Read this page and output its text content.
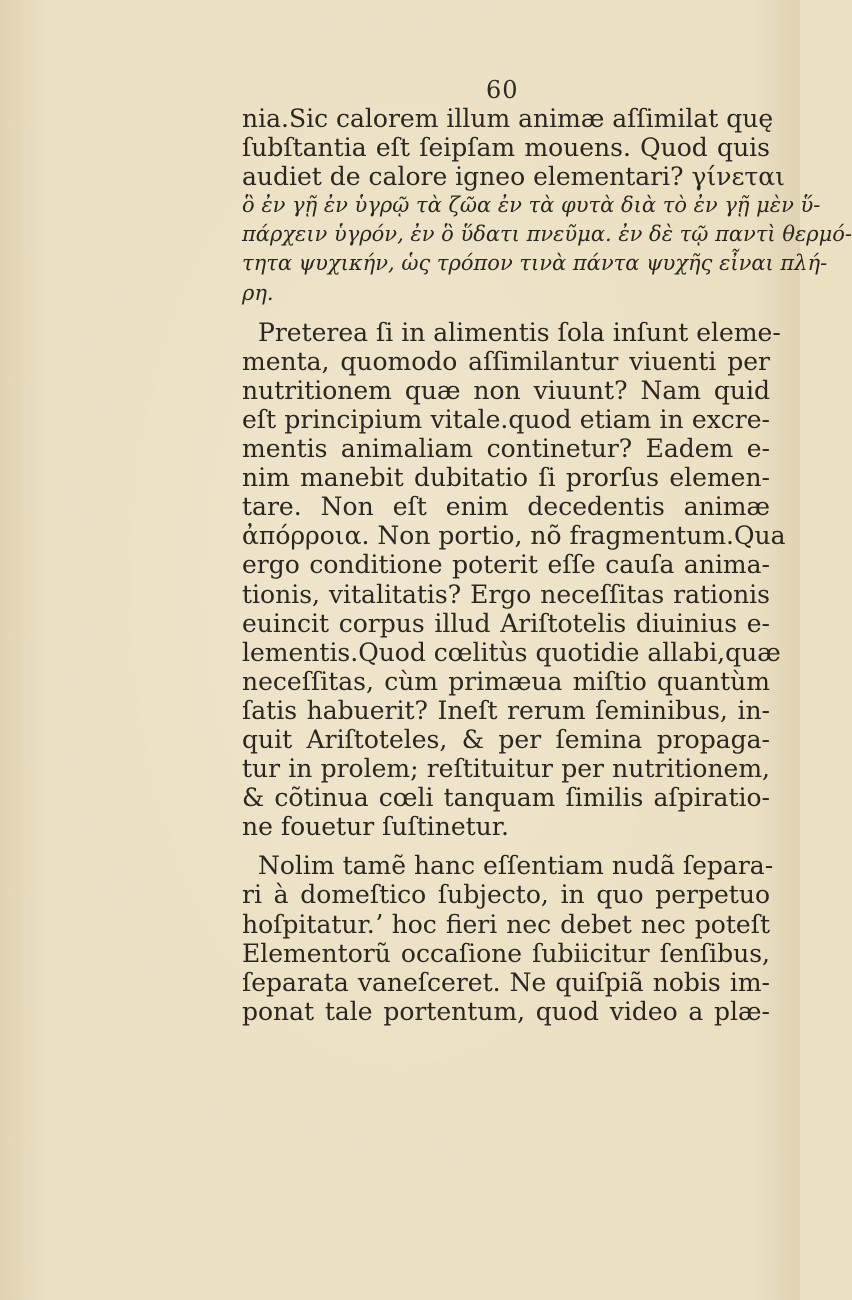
60
nia.Sic calorem illum animæ aſſimilat quę
ſubſtantia eſt ſeipſam mouens. Quod quis
audiet de calore igneo elementari? γίνεται
ὃ ἐν γῇ ἐν ὑγρῷ τὰ ζῶα ἐν τὰ φυτὰ διὰ τὸ ἐν γῇ μὲν ὕ-
πάρχειν ὑγρόν, ἐν ὃ ὕδατι πνεῦμα. ἐν δὲ τῷ παντὶ θερμό-
τητα ψυχικήν, ὡς τρόπον τινὰ πάντα ψυχῆς εἶναι πλή-
ρη.
Preterea ſi in alimentis ſola inſunt eleme-
menta, quomodo aſſimilantur viuenti per
nutritionem quæ non viuunt? Nam quid
eſt principium vitale.quod etiam in excre-
mentis animaliam continetur? Eadem e-
nim manebit dubitatio ſi prorſus elemen-
tare. Non eſt enim decedentis animæ
ἀπόρροια. Non portio, nõ fragmentum.Qua
ergo conditione poterit eſſe cauſa anima-
tionis, vitalitatis? Ergo neceſſitas rationis
euincit corpus illud Ariſtotelis diuinius e-
lementis.Quod cœlitùs quotidie allabi,quæ
neceſſitas, cùm primæua miſtio quantùm
ſatis habuerit? Ineſt rerum ſeminibus, in-
quit Ariſtoteles, & per ſemina propaga-
tur in prolem; reſtituitur per nutritionem,
& cõtinua cœli tanquam ſimilis aſpiratio-
ne fouetur ſuſtinetur.
Nolim tamẽ hanc eſſentiam nudã ſepara-
ri à domeſtico ſubjecto, in quo perpetuo
hoſpitatur.ʼ hoc fieri nec debet nec poteſt
Elementorũ occaſione ſubiicitur ſenſibus,
ſeparata vaneſceret. Ne quiſpiã nobis im-
ponat tale portentum, quod video a plæ-
